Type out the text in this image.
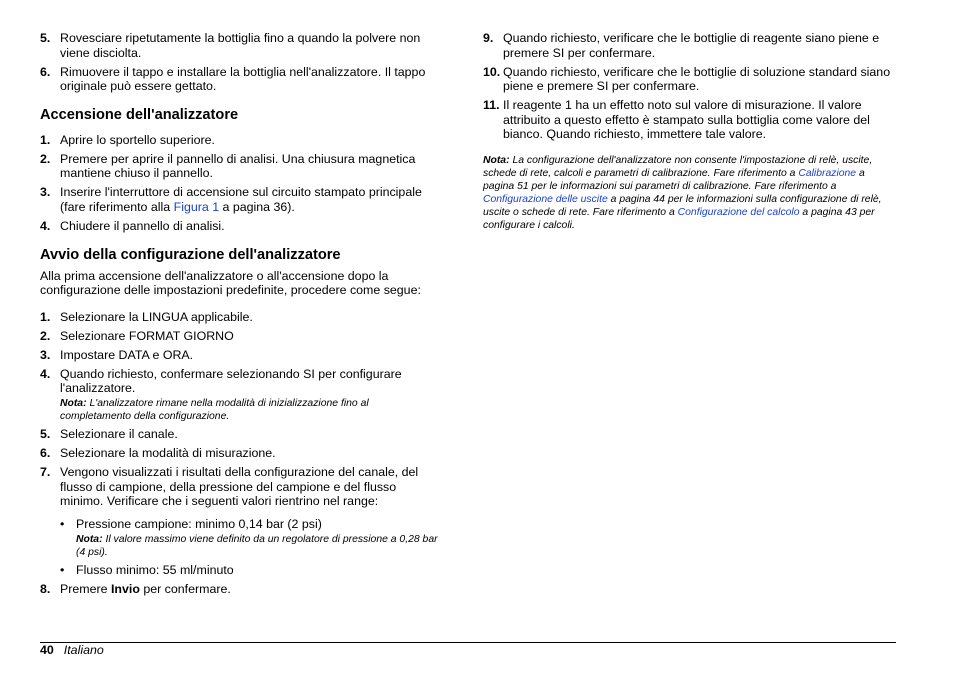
5. Rovesciare ripetutamente la bottiglia fino a quando la polvere non viene disciolta.
6. Rimuovere il tappo e installare la bottiglia nell'analizzatore. Il tappo originale può essere gettato.
Accensione dell'analizzatore
1. Aprire lo sportello superiore.
2. Premere per aprire il pannello di analisi. Una chiusura magnetica mantiene chiuso il pannello.
3. Inserire l'interruttore di accensione sul circuito stampato principale (fare riferimento alla Figura 1 a pagina 36).
4. Chiudere il pannello di analisi.
Avvio della configurazione dell'analizzatore

Alla prima accensione dell'analizzatore o all'accensione dopo la configurazione delle impostazioni predefinite, procedere come segue:

1. Selezionare la LINGUA applicabile.
2. Selezionare FORMAT GIORNO
3. Impostare DATA e ORA.
4. Quando richiesto, confermare selezionando SI per configurare l'analizzatore.
Nota: L'analizzatore rimane nella modalità di inizializzazione fino al completamento della configurazione.
5. Selezionare il canale.
6. Selezionare la modalità di misurazione.
7. Vengono visualizzati i risultati della configurazione del canale, del flusso di campione, della pressione del campione e del flusso minimo. Verificare che i seguenti valori rientrino nel range:
• Pressione campione: minimo 0,14 bar (2 psi)
Nota: Il valore massimo viene definito da un regolatore di pressione a 0,28 bar (4 psi).
• Flusso minimo: 55 ml/minuto
8. Premere Invio per confermare.
9. Quando richiesto, verificare che le bottiglie di reagente siano piene e premere SI per confermare.
10. Quando richiesto, verificare che le bottiglie di soluzione standard siano piene e premere SI per confermare.
11. Il reagente 1 ha un effetto noto sul valore di misurazione. Il valore attribuito a questo effetto è stampato sulla bottiglia come valore del bianco. Quando richiesto, immettere tale valore.
Nota: La configurazione dell'analizzatore non consente l'impostazione di relè, uscite, schede di rete, calcoli e parametri di calibrazione. Fare riferimento a Calibrazione a pagina 51 per le informazioni sui parametri di calibrazione. Fare riferimento a Configurazione delle uscite a pagina 44 per le informazioni sulla configurazione di relè, uscite o schede di rete. Fare riferimento a Configurazione del calcolo a pagina 43 per configurare i calcoli.
40 Italiano
